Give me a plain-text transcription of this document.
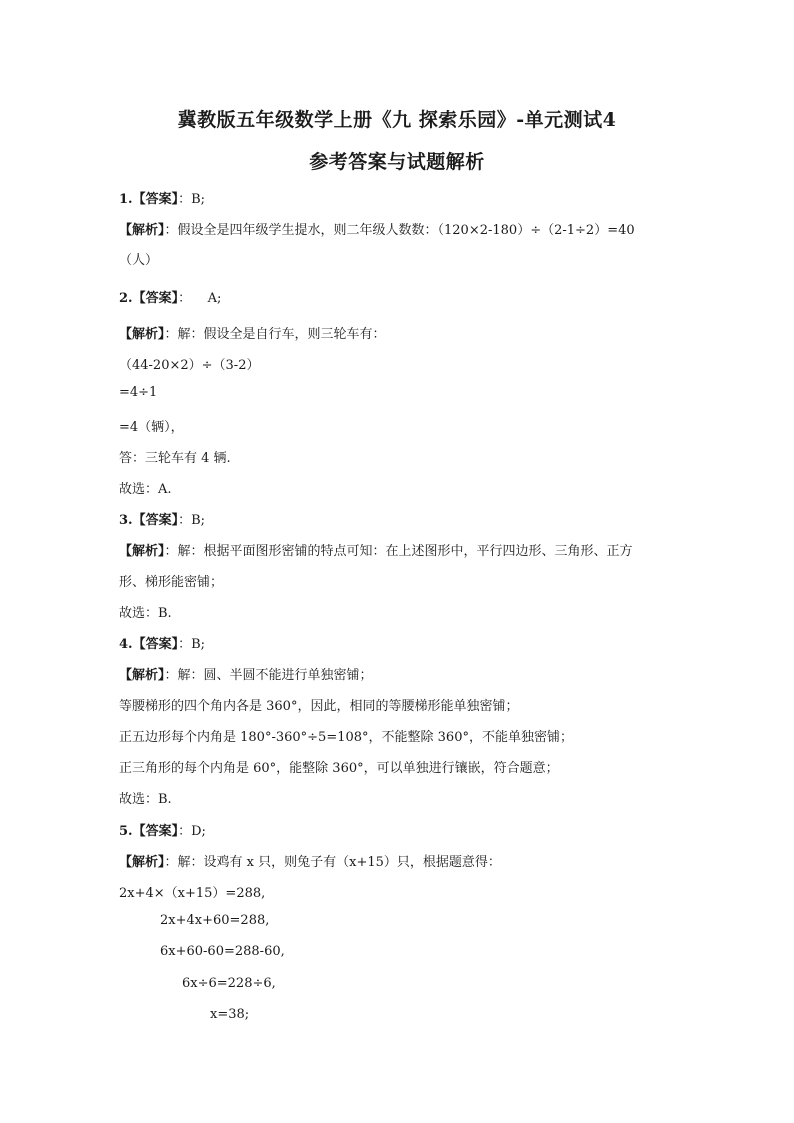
冀教版五年级数学上册《九 探索乐园》-单元测试4
参考答案与试题解析
1.【答案】：B;
【解析】：假设全是四年级学生提水，则二年级人数数：（120×2-180）÷（2-1÷2）=40
（人）
2.【答案】：    A;
【解析】：解：假设全是自行车，则三轮车有：
（44-20×2）÷（3-2）
=4÷1
=4（辆），
答：三轮车有 4 辆.
故选：A.
3.【答案】：B;
【解析】：解：根据平面图形密铺的特点可知：在上述图形中，平行四边形、三角形、正方
形、梯形能密铺；
故选：B.
4.【答案】：B;
【解析】：解：圆、半圆不能进行单独密铺；
等腰梯形的四个角内各是 360°，因此，相同的等腰梯形能单独密铺；
正五边形每个内角是 180°-360°÷5=108°，不能整除 360°，不能单独密铺；
正三角形的每个内角是 60°，能整除 360°，可以单独进行镶嵌，符合题意；
故选：B.
5.【答案】：D;
【解析】：解：设鸡有 x 只，则兔子有（x+15）只，根据题意得：
2x+4×（x+15）=288,
2x+4x+60=288,
6x+60-60=288-60,
6x÷6=228÷6,
x=38;
